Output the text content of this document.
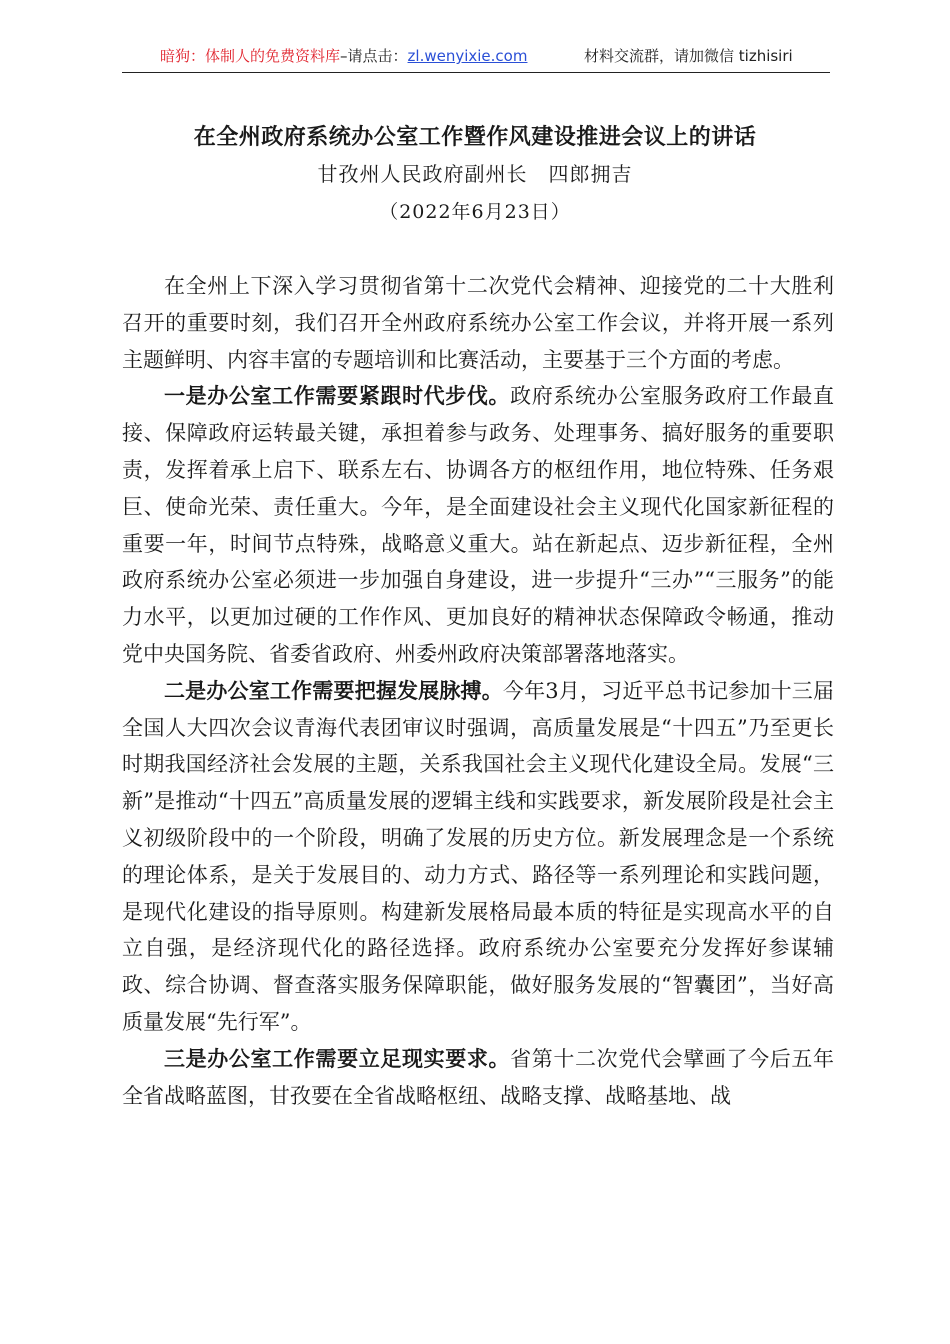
暗狗：体制人的免费资料库–请点击：zl.wenyixie.com	材料交流群，请加微信 tizhisiri
在全州政府系统办公室工作暨作风建设推进会议上的讲话
甘孜州人民政府副州长　四郎拥吉
（2022年6月23日）

在全州上下深入学习贯彻省第十二次党代会精神、迎接党的二十大胜利召开的重要时刻，我们召开全州政府系统办公室工作会议，并将开展一系列主题鲜明、内容丰富的专题培训和比赛活动，主要基于三个方面的考虑。

一是办公室工作需要紧跟时代步伐。政府系统办公室服务政府工作最直接、保障政府运转最关键，承担着参与政务、处理事务、搞好服务的重要职责，发挥着承上启下、联系左右、协调各方的枢纽作用，地位特殊、任务艰巨、使命光荣、责任重大。今年，是全面建设社会主义现代化国家新征程的重要一年，时间节点特殊，战略意义重大。站在新起点、迈步新征程，全州政府系统办公室必须进一步加强自身建设，进一步提升“三办”“三服务”的能力水平，以更加过硬的工作作风、更加良好的精神状态保障政令畅通，推动党中央国务院、省委省政府、州委州政府决策部署落地落实。

二是办公室工作需要把握发展脉搏。今年3月，习近平总书记参加十三届全国人大四次会议青海代表团审议时强调，高质量发展是“十四五”乃至更长时期我国经济社会发展的主题，关系我国社会主义现代化建设全局。发展“三新”是推动“十四五”高质量发展的逻辑主线和实践要求，新发展阶段是社会主义初级阶段中的一个阶段，明确了发展的历史方位。新发展理念是一个系统的理论体系，是关于发展目的、动力方式、路径等一系列理论和实践问题，是现代化建设的指导原则。构建新发展格局最本质的特征是实现高水平的自立自强，是经济现代化的路径选择。政府系统办公室要充分发挥好参谋辅政、综合协调、督查落实服务保障职能，做好服务发展的“智囊团”，当好高质量发展“先行军”。

三是办公室工作需要立足现实要求。省第十二次党代会擘画了今后五年全省战略蓝图，甘孜要在全省战略枢纽、战略支撑、战略基地、战
